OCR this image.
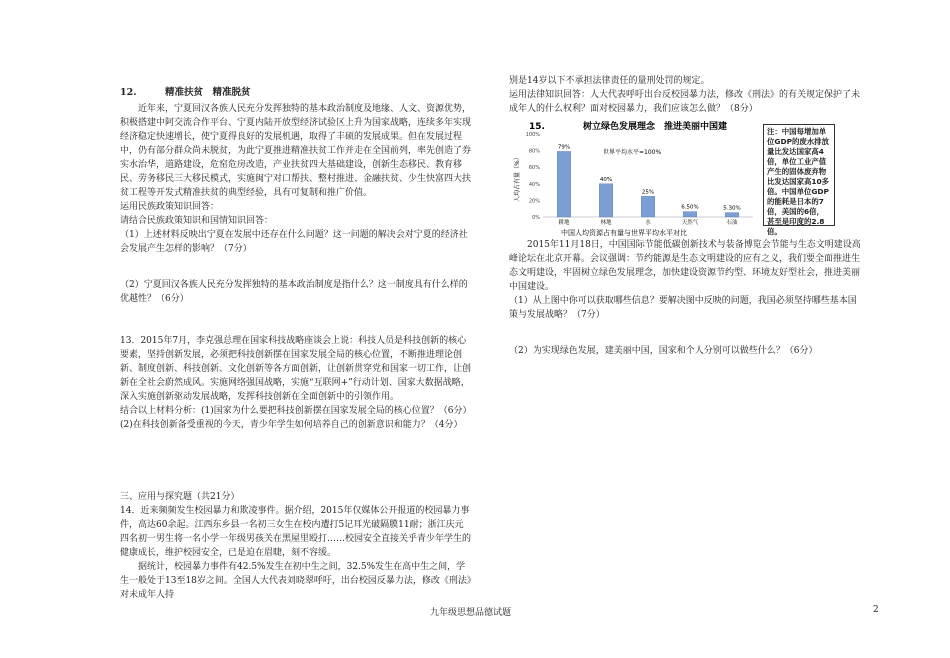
12.　　　精准扶贫　精准脱贫

近年来，宁夏回汉各族人民充分发挥独特的基本政治制度及地缘、人文、资源优势，积极搭建中阿交流合作平台、宁夏内陆开放型经济试验区上升为国家战略，连续多年实现经济稳定快速增长，使宁夏得良好的发展机遇，取得了丰硕的发展成果。但在发展过程中，仍有部分群众尚未脱贫，为此宁夏推进精准扶贫工作并走在全国前列，率先创造了券实水治华，道路建设，危窑危房改造，产业扶贫四大基础建设，创新生态移民、教育移民、劳务移民三大移民模式，实施闽宁对口帮扶、整村推进、金融扶贫、少生快富四大扶贫工程等开发式精准扶贫的典型经验，具有可复制和推广价值。

运用民族政策知识回答：

请结合民族政策知识和国情知识回答：

（1）上述材料反映出宁夏在发展中还存在什么问题？这一问题的解决会对宁夏的经济社会发展产生怎样的影响？（7分）

（2）宁夏回汉各族人民充分发挥独特的基本政治制度是指什么？这一制度具有什么样的优越性？（6分）

13．2015年7月，李克强总理在国家科技战略座谈会上说：科技人员是科技创新的核心要素，坚持创新发展，必须把科技创新摆在国家发展全局的核心位置，不断推进理论创新、制度创新、科技创新、文化创新等各方面创新，让创新贯穿党和国家一切工作，让创新在全社会蔚然成风。实施网络强国战略，实施“互联网+”行动计划、国家大数据战略，深入实施创新驱动发展战略，发挥科技创新在全面创新中的引领作用。

结合以上材料分析：(1)国家为什么要把科技创新摆在国家发展全局的核心位置？（6分）(2)在科技创新备受重视的今天，青少年学生如何培养自己的创新意识和能力？（4分）

三、应用与探究题（共21分）

14．近来频频发生校园暴力和欺凌事件。据介绍，2015年仅媒体公开报道的校园暴力事件，高达60余起。江西东乡县一名初三女生在校内遭打5记耳光破隔膜11耐；浙江庆元四名初一男生将一名小学一年级男孩关在黑屋里殴打……校园安全直接关乎青少年学生的健康成长，维护校园安全，已是迫在眉睫，刻不容缓。

据统计，校园暴力事件有42.5%发生在初中生之间，32.5%发生在高中生之间，学生一般处于13至18岁之间。全国人大代表刘晓翠呼吁，出台校园反暴力法，修改《刑法》对未成年人持

别是14岁以下不承担法律责任的量刑处罚的规定。

运用法律知识回答：人大代表呼吁出台反校园暴力法，修改《刑法》的有关规定保护了未成年人的什么权利？面对校园暴力，我们应该怎么做？（8分）

15.	树立绿色发展理念　推进美丽中国建
世界平均水平=100%
人均占有量（%）
中国人均资源占有量与世界平均水平对比
0%
20%
40%
60%
80%
100%
79%
耕地
40%
林地
25%
水
6.50%
天然气
5.30%
石油
注：中国每增加单位GDP的废水排放量比发达国家高4倍，单位工业产值产生的固体废弃物比发达国家高10多倍。中国单位GDP的能耗是日本的7倍，美国的6倍，甚至是印度的2.8倍。

2015年11月18日，中国国际节能低碳创新技术与装备博览会节能与生态文明建设高峰论坛在北京开幕。会议强调：节约能源是生态文明建设的应有之义，我们要全面推进生态文明建设，牢固树立绿色发展理念，加快建设资源节约型、环境友好型社会，推进美丽中国建设。

（1）从上图中你可以获取哪些信息？要解决图中反映的问题，我国必须坚持哪些基本国策与发展战略？（7分）

（2）为实现绿色发展，建美丽中国，国家和个人分别可以做些什么？（6分）

九年级思想品德试题	2
